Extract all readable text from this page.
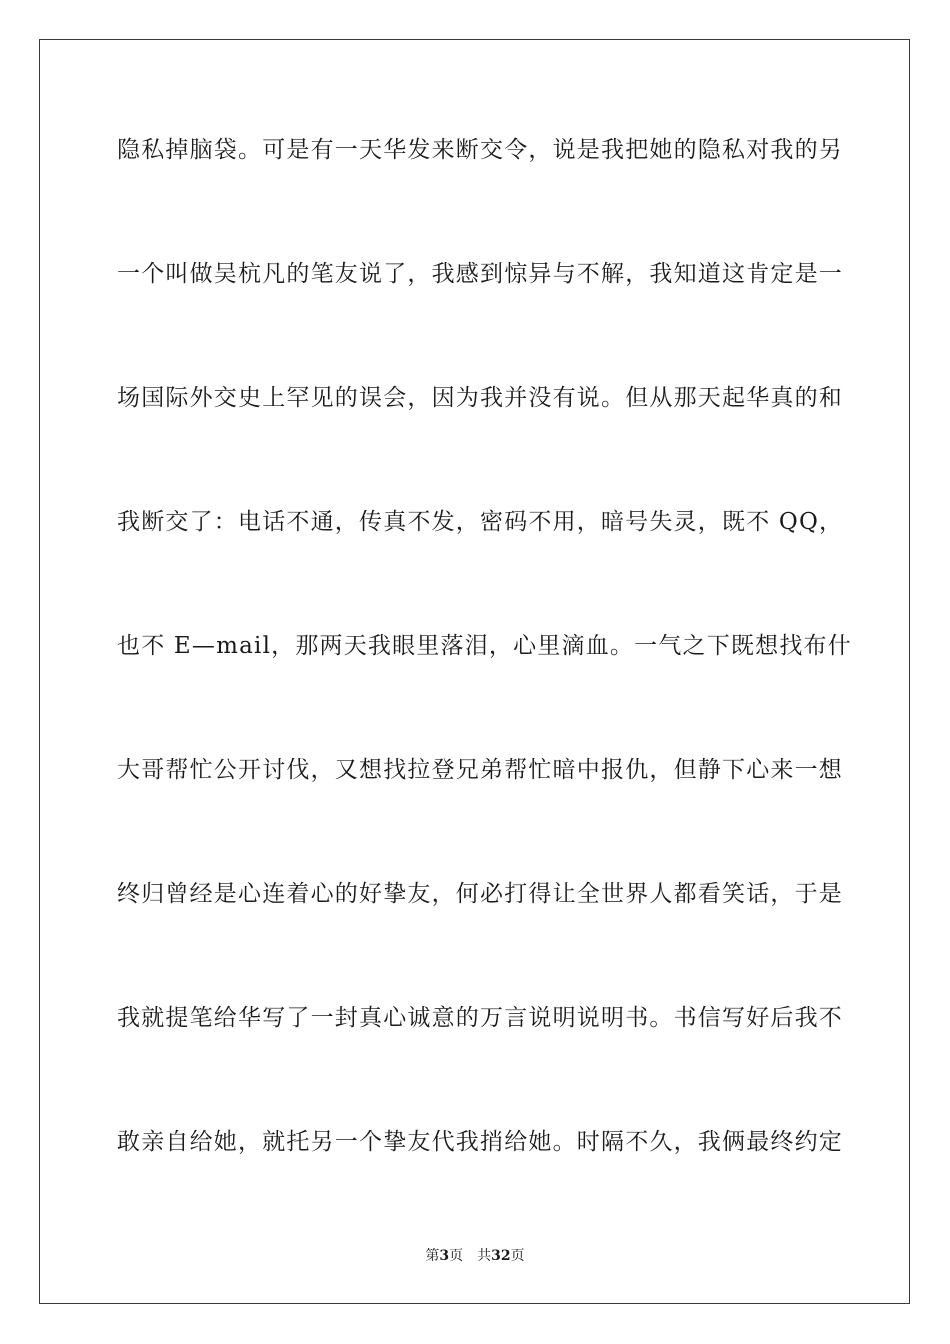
隐私掉脑袋。可是有一天华发来断交令，说是我把她的隐私对我的另
一个叫做吴杭凡的笔友说了，我感到惊异与不解，我知道这肯定是一
场国际外交史上罕见的误会，因为我并没有说。但从那天起华真的和
我断交了：电话不通，传真不发，密码不用，暗号失灵，既不 QQ，
也不 E—mail，那两天我眼里落泪，心里滴血。一气之下既想找布什
大哥帮忙公开讨伐，又想找拉登兄弟帮忙暗中报仇，但静下心来一想
终归曾经是心连着心的好挚友，何必打得让全世界人都看笑话，于是
我就提笔给华写了一封真心诚意的万言说明说明书。书信写好后我不
敢亲自给她，就托另一个挚友代我捎给她。时隔不久，我俩最终约定
第3页 共32页
